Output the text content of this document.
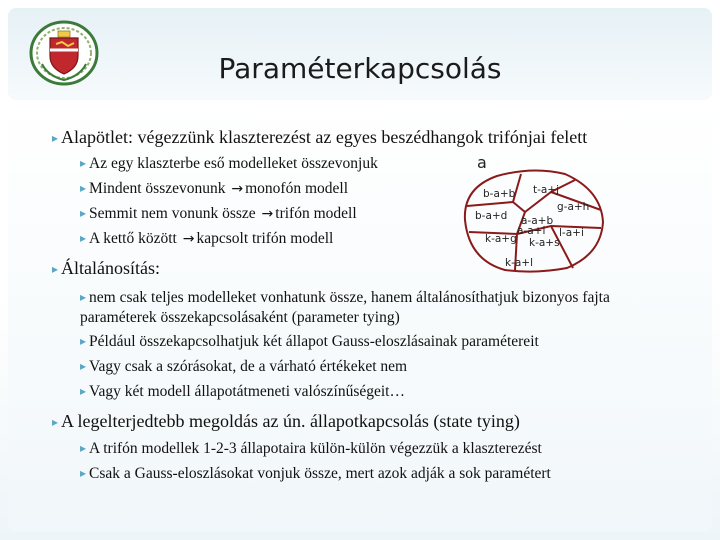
Paraméterkapcsolás
▸ Alapötlet: végezzünk klaszterezést az egyes beszédhangok trifónjai felett
▸ Az egy klaszterbe eső modelleket összevonjuk
▸ Mindent összevonunk → monofón modell
▸ Semmit nem vonunk össze → trifón modell
▸ A kettő között → kapcsolt trifón modell
▸ Általánosítás:
▸ nem csak teljes modelleket vonhatunk össze, hanem általánosíthatjuk bizonyos fajta paraméterek összekapcsolásaként (parameter tying)
▸ Például összekapcsolhatjuk két állapot Gauss-eloszlásainak paramétereit
▸ Vagy csak a szórásokat, de a várható értékeket nem
▸ Vagy két modell állapotátmeneti valószínűségeit…
▸ A legelterjedtebb megoldás az ún. állapotkapcsolás (state tying)
▸ A trifón modellek 1-2-3 állapotaira külön-külön végezzük a klaszterezést
▸ Csak a Gauss-eloszlásokat vonjuk össze, mert azok adják a sok paramétert
a
b-a+b t-a+j
g-a+h
b-a+d a-a+b
a-a+i l-a+i
k-a+g k-a+s
k-a+l
